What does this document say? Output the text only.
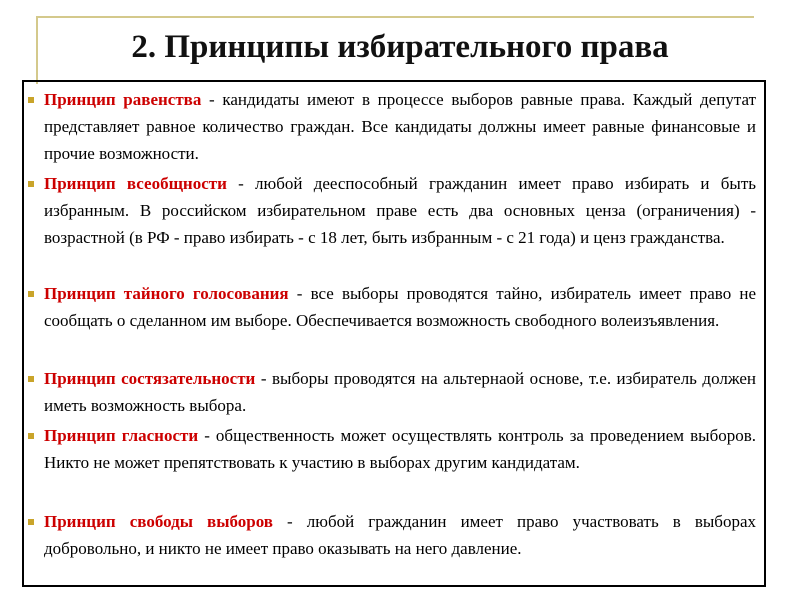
2. Принципы избирательного права
Принцип равенства - кандидаты имеют в процессе выборов равные права. Каждый депутат представляет равное количество граждан. Все кандидаты должны имеет равные финансовые и прочие возможности.
Принцип всеобщности - любой дееспособный гражданин имеет право избирать и быть избранным. В российском избирательном праве есть два основных ценза (ограничения) - возрастной (в РФ - право избирать - с 18 лет, быть избранным - с 21 года) и ценз гражданства.
Принцип тайного голосования - все выборы проводятся тайно, избиратель имеет право не сообщать о сделанном им выборе. Обеспечивается возможность свободного волеизъявления.
Принцип состязательности - выборы проводятся на альтернаой основе, т.е. избиратель должен иметь возможность выбора.
Принцип гласности - общественность может осуществлять контроль за проведением выборов. Никто не может препятствовать к участию в выборах другим кандидатам.
Принцип свободы выборов - любой гражданин имеет право участвовать в выборах добровольно, и никто не имеет право оказывать на него давление.
